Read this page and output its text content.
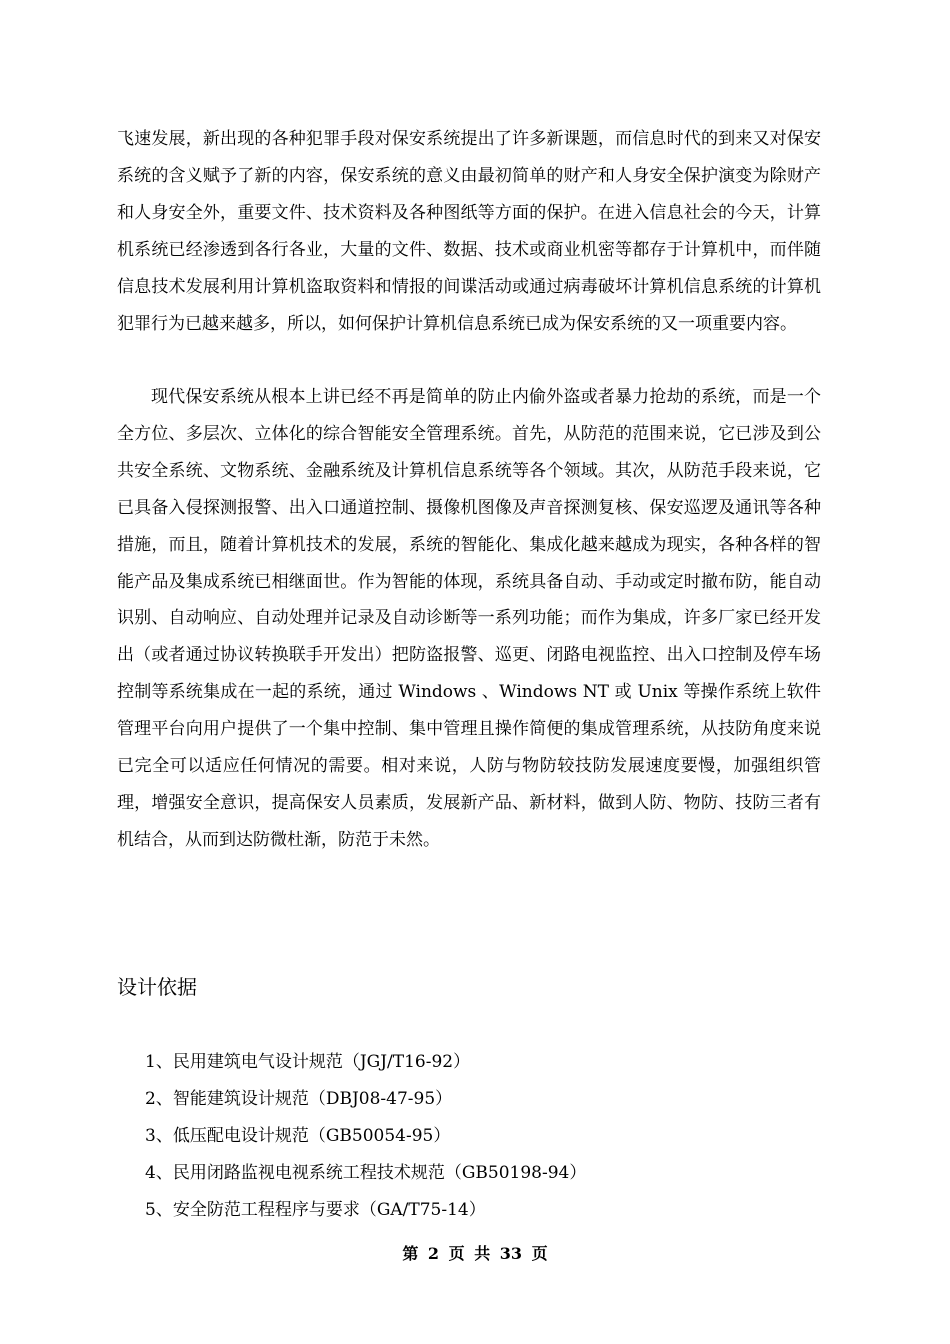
飞速发展，新出现的各种犯罪手段对保安系统提出了许多新课题，而信息时代的到来又对保安系统的含义赋予了新的内容，保安系统的意义由最初简单的财产和人身安全保护演变为除财产和人身安全外，重要文件、技术资料及各种图纸等方面的保护。在进入信息社会的今天，计算机系统已经渗透到各行各业，大量的文件、数据、技术或商业机密等都存于计算机中，而伴随信息技术发展利用计算机盗取资料和情报的间谍活动或通过病毒破坏计算机信息系统的计算机犯罪行为已越来越多，所以，如何保护计算机信息系统已成为保安系统的又一项重要内容。

现代保安系统从根本上讲已经不再是简单的防止内偷外盗或者暴力抢劫的系统，而是一个全方位、多层次、立体化的综合智能安全管理系统。首先，从防范的范围来说，它已涉及到公共安全系统、文物系统、金融系统及计算机信息系统等各个领域。其次，从防范手段来说，它已具备入侵探测报警、出入口通道控制、摄像机图像及声音探测复核、保安巡逻及通讯等各种措施，而且，随着计算机技术的发展，系统的智能化、集成化越来越成为现实，各种各样的智能产品及集成系统已相继面世。作为智能的体现，系统具备自动、手动或定时撤布防，能自动识别、自动响应、自动处理并记录及自动诊断等一系列功能；而作为集成，许多厂家已经开发出（或者通过协议转换联手开发出）把防盗报警、巡更、闭路电视监控、出入口控制及停车场控制等系统集成在一起的系统，通过 Windows 、Windows NT 或 Unix 等操作系统上软件管理平台向用户提供了一个集中控制、集中管理且操作简便的集成管理系统，从技防角度来说已完全可以适应任何情况的需要。相对来说，人防与物防较技防发展速度要慢，加强组织管理，增强安全意识，提高保安人员素质，发展新产品、新材料，做到人防、物防、技防三者有机结合，从而到达防微杜渐，防范于未然。

设计依据
1、民用建筑电气设计规范（JGJ/T16-92）
2、智能建筑设计规范（DBJ08-47-95）
3、低压配电设计规范（GB50054-95）
4、民用闭路监视电视系统工程技术规范（GB50198-94）
5、安全防范工程程序与要求（GA/T75-14）
第 2 页 共 33 页
